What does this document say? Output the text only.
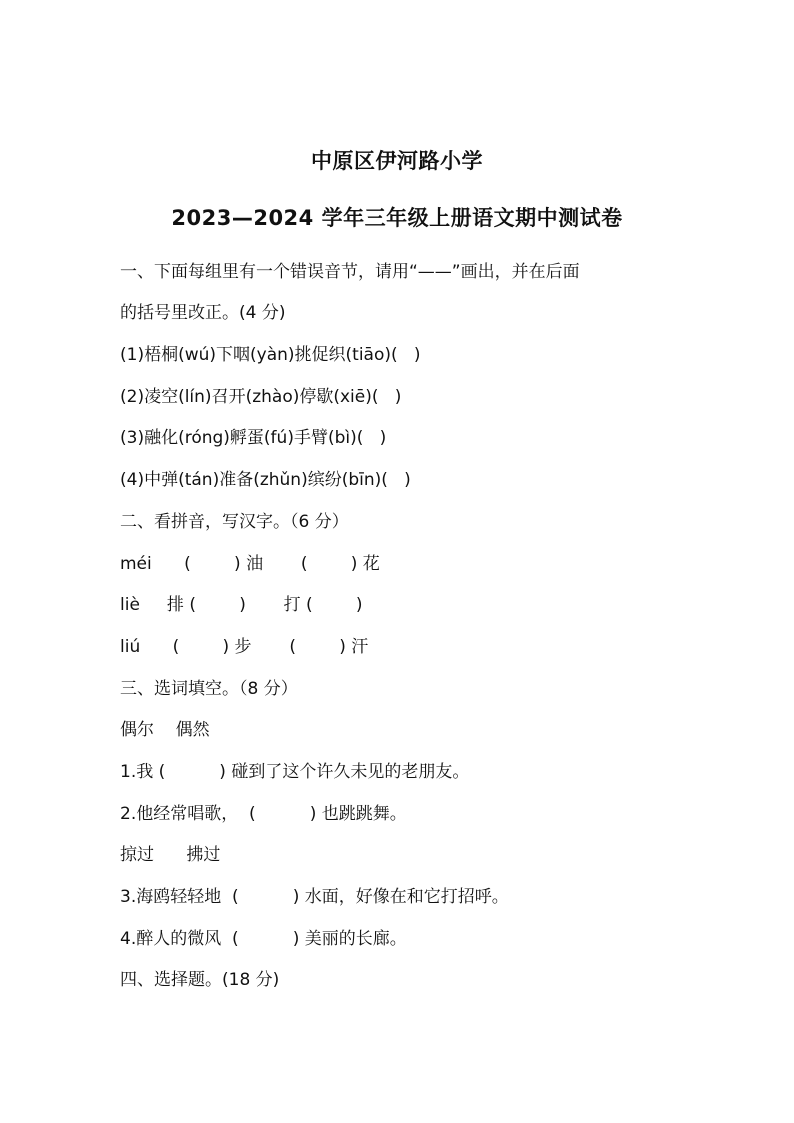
中原区伊河路小学
2023—2024 学年三年级上册语文期中测试卷
一、下面每组里有一个错误音节，请用“——”画出，并在后面
的括号里改正。(4 分)
(1)梧桐(wú)下咽(yàn)挑促织(tiāo)(   )
(2)凌空(lín)召开(zhào)停歇(xiē)(   )
(3)融化(róng)孵蛋(fú)手臂(bì)(   )
(4)中弹(tán)准备(zhǔn)缤纷(bīn)(   )
二、看拼音，写汉字。（6 分）
méi      (        ) 油       (        ) 花
liè     排 (        )       打 (        )
liú      (        ) 步       (        ) 汗
三、选词填空。（8 分）
偶尔    偶然
1.我 (          ) 碰到了这个许久未见的老朋友。
2.他经常唱歌，  (          ) 也跳跳舞。
掠过      拂过
3.海鸥轻轻地  (          ) 水面，好像在和它打招呼。
4.醉人的微风  (          ) 美丽的长廊。
四、选择题。(18 分)
